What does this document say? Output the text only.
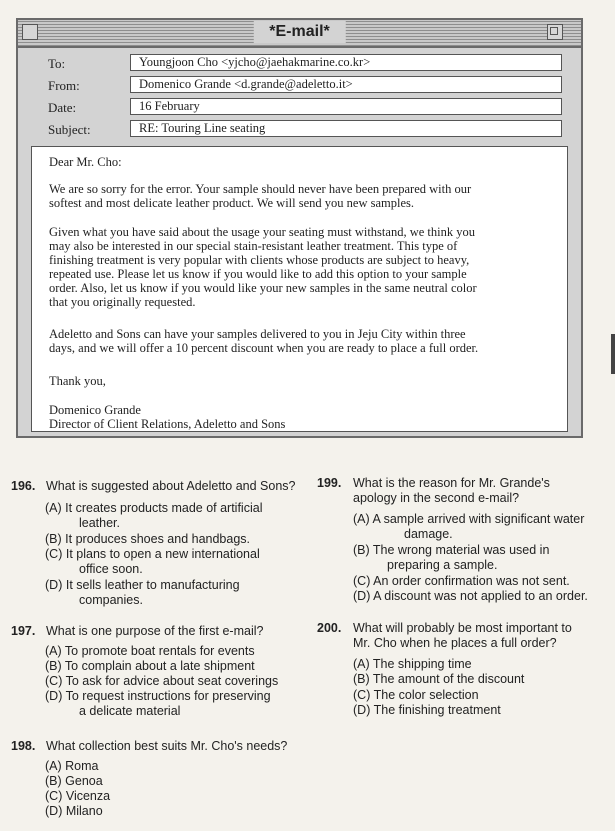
*E-mail*
To:	Youngjoon Cho <yjcho@jaehakmarine.co.kr>
From:	Domenico Grande <d.grande@adeletto.it>
Date:	16 February
Subject:	RE: Touring Line seating

Dear Mr. Cho:

We are so sorry for the error. Your sample should never have been prepared with our
softest and most delicate leather product. We will send you new samples.

Given what you have said about the usage your seating must withstand, we think you
may also be interested in our special stain-resistant leather treatment. This type of
finishing treatment is very popular with clients whose products are subject to heavy,
repeated use. Please let us know if you would like to add this option to your sample
order. Also, let us know if you would like your new samples in the same neutral color
that you originally requested.

Adeletto and Sons can have your samples delivered to you in Jeju City within three
days, and we will offer a 10 percent discount when you are ready to place a full order.

Thank you,

Domenico Grande
Director of Client Relations, Adeletto and Sons

196. What is suggested about Adeletto and Sons?
(A) It creates products made of artificial
leather.
(B) It produces shoes and handbags.
(C) It plans to open a new international
office soon.
(D) It sells leather to manufacturing
companies.
197. What is one purpose of the first e-mail?
(A) To promote boat rentals for events
(B) To complain about a late shipment
(C) To ask for advice about seat coverings
(D) To request instructions for preserving
a delicate material
198. What collection best suits Mr. Cho's needs?
(A) Roma
(B) Genoa
(C) Vicenza
(D) Milano
199. What is the reason for Mr. Grande's
apology in the second e-mail?
(A) A sample arrived with significant water
damage.
(B) The wrong material was used in
preparing a sample.
(C) An order confirmation was not sent.
(D) A discount was not applied to an order.
200. What will probably be most important to
Mr. Cho when he places a full order?
(A) The shipping time
(B) The amount of the discount
(C) The color selection
(D) The finishing treatment
